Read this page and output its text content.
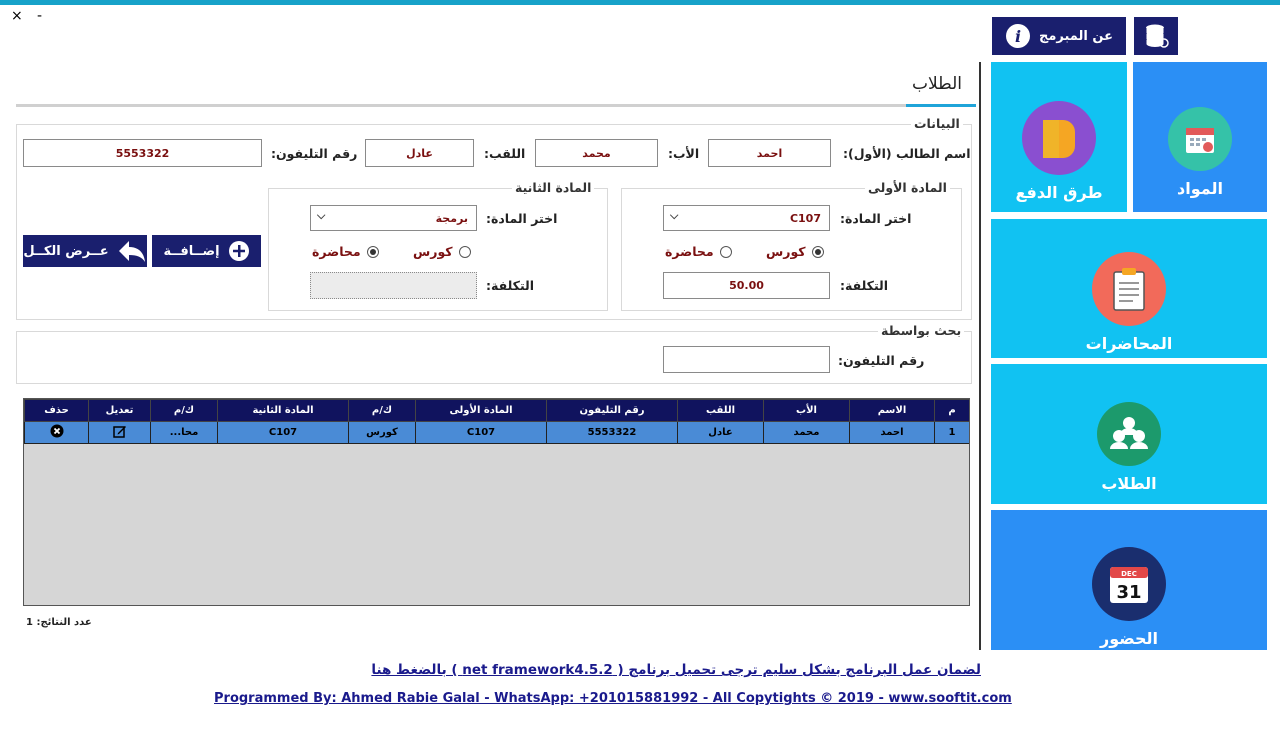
× -
i عن المبرمج
المواد
طرق الدفع
المحاضرات
الطلاب
DEC
31
الحضور
الطلاب
البيانات
اسم الطالب (الأول):
احمد
الأب:
محمد
اللقب:
عادل
رقم التليفون:
5553322
المادة الأولى
اختر المادة:
C107
⌵
كورس
محاضرة
التكلفة:
50.00
المادة الثانية
اختر المادة:
برمجة
⌵
كورس
محاضرة
التكلفة:
إضــافــة
عــرض الكــل
بحث بواسطة
رقم التليفون:
م	الاسم	الأب	اللقب	رقم التليفون	المادة الأولى	ك/م	المادة الثانية	ك/م	تعديل	حذف
1	احمد	محمد	عادل	5553322	C107	كورس	C107	محا...		
عدد النتائج: 1
لضمان عمل البرنامج بشكل سليم ترجى تحميل برنامج ( net framework4.5.2 ) بالضغط هنا
Programmed By: Ahmed Rabie Galal - WhatsApp: +201015881992 - All Copytights © 2019 - www.sooftit.com
